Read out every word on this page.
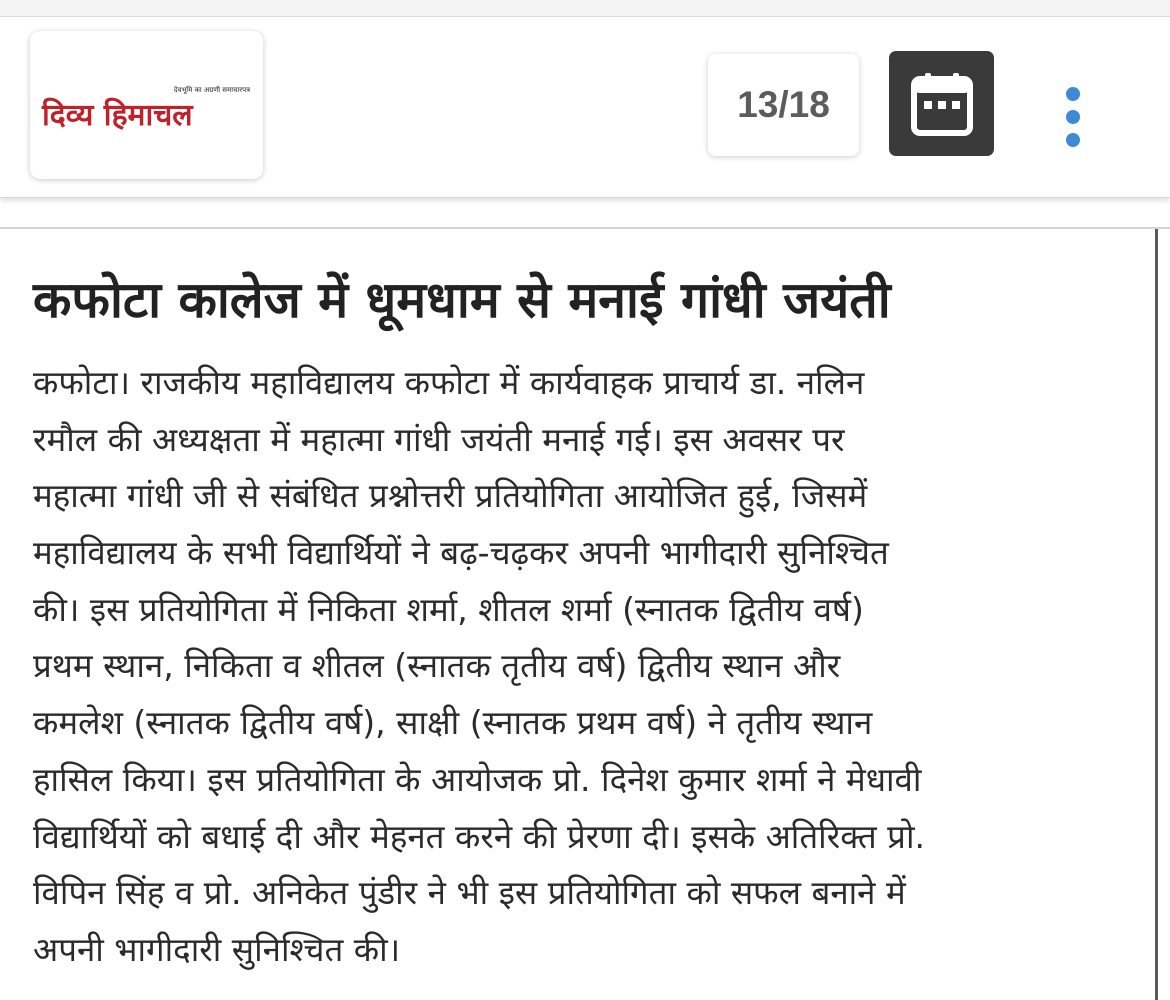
देवभूमि का अग्रणी समाचारपत्र
दिव्य हिमाचल	13/18
कफोटा कालेज में धूमधाम से मनाई गांधी जयंती
कफोटा। राजकीय महाविद्यालय कफोटा में कार्यवाहक प्राचार्य डा. नलिन
रमौल की अध्यक्षता में महात्मा गांधी जयंती मनाई गई। इस अवसर पर
महात्मा गांधी जी से संबंधित प्रश्नोत्तरी प्रतियोगिता आयोजित हुई, जिसमें
महाविद्यालय के सभी विद्यार्थियों ने बढ़-चढ़कर अपनी भागीदारी सुनिश्चित
की। इस प्रतियोगिता में निकिता शर्मा, शीतल शर्मा (स्नातक द्वितीय वर्ष)
प्रथम स्थान, निकिता व शीतल (स्नातक तृतीय वर्ष) द्वितीय स्थान और
कमलेश (स्नातक द्वितीय वर्ष), साक्षी (स्नातक प्रथम वर्ष) ने तृतीय स्थान
हासिल किया। इस प्रतियोगिता के आयोजक प्रो. दिनेश कुमार शर्मा ने मेधावी
विद्यार्थियों को बधाई दी और मेहनत करने की प्रेरणा दी। इसके अतिरिक्त प्रो.
विपिन सिंह व प्रो. अनिकेत पुंडीर ने भी इस प्रतियोगिता को सफल बनाने में
अपनी भागीदारी सुनिश्चित की।
